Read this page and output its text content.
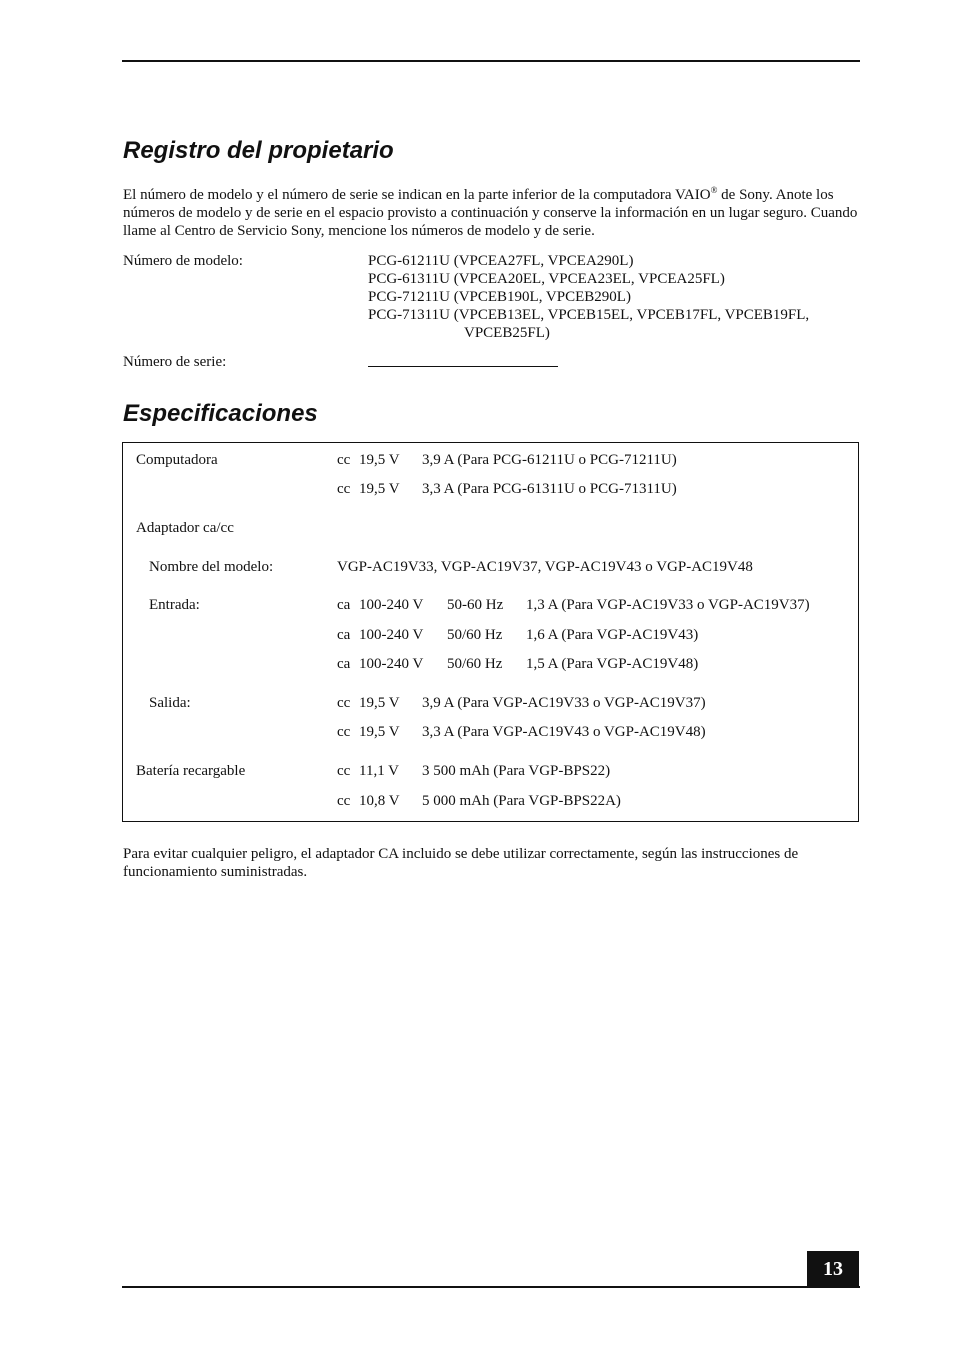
Registro del propietario

El número de modelo y el número de serie se indican en la parte inferior de la computadora VAIO® de Sony. Anote los números de modelo y de serie en el espacio provisto a continuación y conserve la información en un lugar seguro. Cuando llame al Centro de Servicio Sony, mencione los números de modelo y de serie.

Número de modelo:	PCG-61211U (VPCEA27FL, VPCEA290L)
PCG-61311U (VPCEA20EL, VPCEA23EL, VPCEA25FL)
PCG-71211U (VPCEB190L, VPCEB290L)
PCG-71311U (VPCEB13EL, VPCEB15EL, VPCEB17FL, VPCEB19FL,
VPCEB25FL)
Número de serie:
Especificaciones
Computadora	cc 19,5 V 3,9 A (Para PCG-61211U o PCG-71211U)
cc 19,5 V 3,3 A (Para PCG-61311U o PCG-71311U)
Adaptador ca/cc
Nombre del modelo:	VGP-AC19V33, VGP-AC19V37, VGP-AC19V43 o VGP-AC19V48
Entrada:	ca 100-240 V 50-60 Hz 1,3 A (Para VGP-AC19V33 o VGP-AC19V37)
ca 100-240 V 50/60 Hz 1,6 A (Para VGP-AC19V43)
ca 100-240 V 50/60 Hz 1,5 A (Para VGP-AC19V48)
Salida:	cc 19,5 V 3,9 A (Para VGP-AC19V33 o VGP-AC19V37)
cc 19,5 V 3,3 A (Para VGP-AC19V43 o VGP-AC19V48)
Batería recargable	cc 11,1 V 3 500 mAh (Para VGP-BPS22)
cc 10,8 V 5 000 mAh (Para VGP-BPS22A)

Para evitar cualquier peligro, el adaptador CA incluido se debe utilizar correctamente, según las instrucciones de funcionamiento suministradas.

13
